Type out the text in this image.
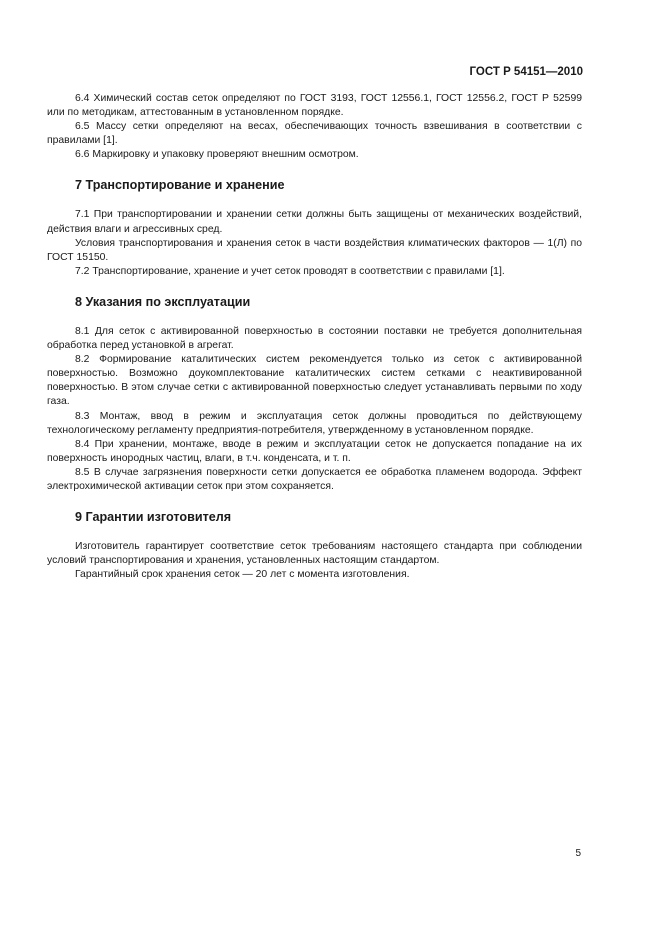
ГОСТ Р 54151—2010

6.4 Химический состав сеток определяют по ГОСТ 3193, ГОСТ 12556.1, ГОСТ 12556.2, ГОСТ Р 52599 или по методикам, аттестованным в установленном порядке.

6.5 Массу сетки определяют на весах, обеспечивающих точность взвешивания в соответствии с правилами [1].

6.6 Маркировку и упаковку проверяют внешним осмотром.

7 Транспортирование и хранение

7.1 При транспортировании и хранении сетки должны быть защищены от механических воздействий, действия влаги и агрессивных сред.

Условия транспортирования и хранения сеток в части воздействия климатических факторов — 1(Л) по ГОСТ 15150.

7.2 Транспортирование, хранение и учет сеток проводят в соответствии с правилами [1].

8 Указания по эксплуатации

8.1 Для сеток с активированной поверхностью в состоянии поставки не требуется дополнительная обработка перед установкой в агрегат.

8.2 Формирование каталитических систем рекомендуется только из сеток с активированной поверхностью. Возможно доукомплектование каталитических систем сетками с неактивированной поверхностью. В этом случае сетки с активированной поверхностью следует устанавливать первыми по ходу газа.

8.3 Монтаж, ввод в режим и эксплуатация сеток должны проводиться по действующему технологическому регламенту предприятия-потребителя, утвержденному в установленном порядке.

8.4 При хранении, монтаже, вводе в режим и эксплуатации сеток не допускается попадание на их поверхность инородных частиц, влаги, в т.ч. конденсата, и т. п.

8.5 В случае загрязнения поверхности сетки допускается ее обработка пламенем водорода. Эффект электрохимической активации сеток при этом сохраняется.

9 Гарантии изготовителя

Изготовитель гарантирует соответствие сеток требованиям настоящего стандарта при соблюдении условий транспортирования и хранения, установленных настоящим стандартом.

Гарантийный срок хранения сеток — 20 лет с момента изготовления.

5
